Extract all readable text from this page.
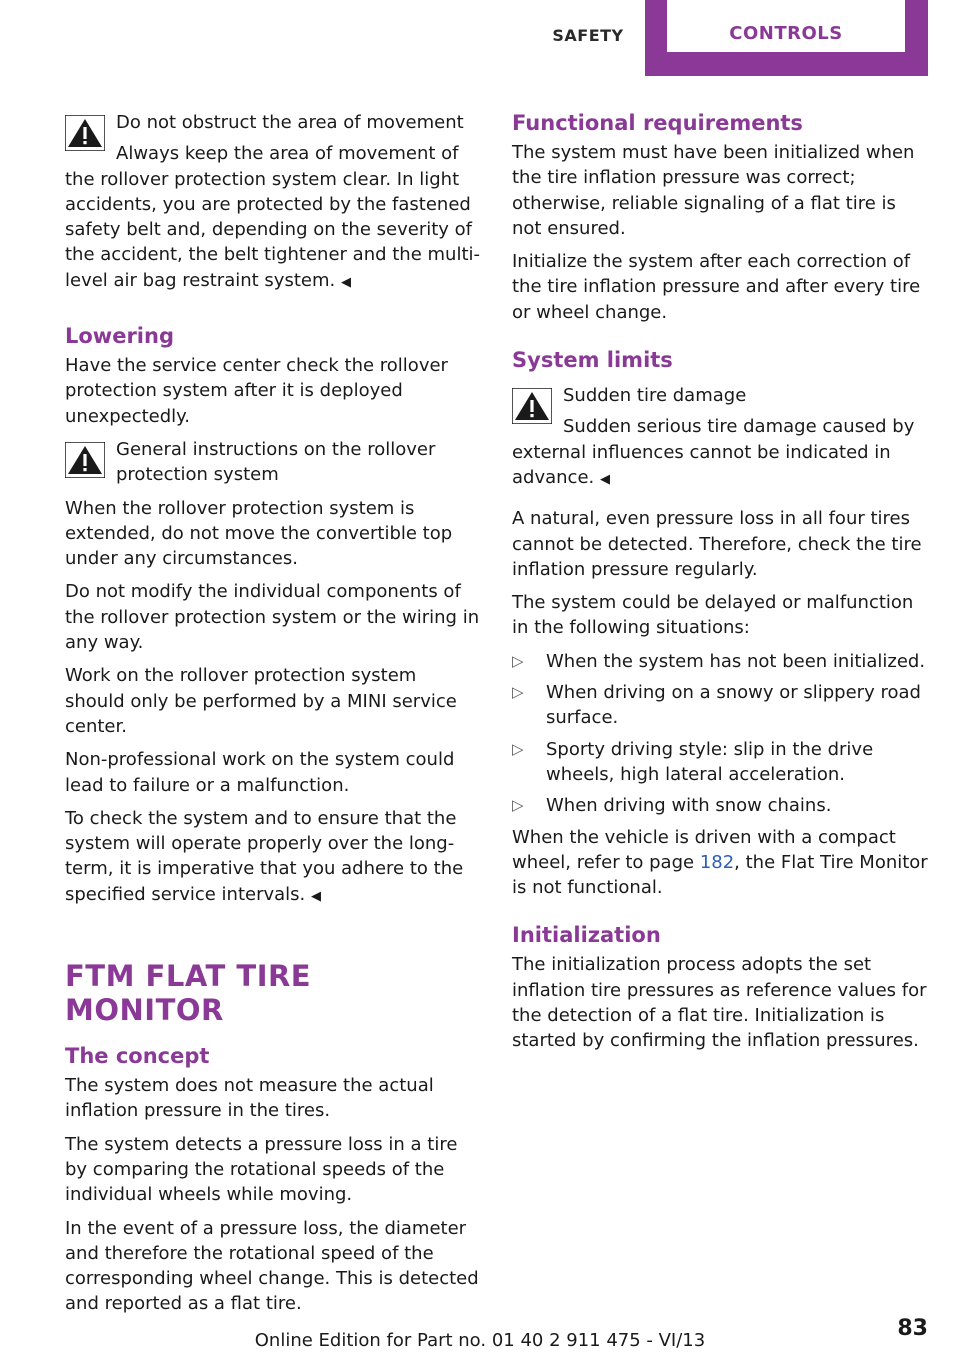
SAFETY	CONTROLS
Do not obstruct the area of movement
Always keep the area of movement of the rollover protection system clear. In light accidents, you are protected by the fastened safety belt and, depending on the severity of the accident, the belt tightener and the multi-level air bag restraint system. ◀
Lowering

Have the service center check the rollover protection system after it is deployed unexpectedly.

General instructions on the rollover protection system

When the rollover protection system is extended, do not move the convertible top under any circumstances.

Do not modify the individual components of the rollover protection system or the wiring in any way.

Work on the rollover protection system should only be performed by a MINI service center.

Non-professional work on the system could lead to failure or a malfunction.

To check the system and to ensure that the system will operate properly over the long-term, it is imperative that you adhere to the specified service intervals. ◀

FTM FLAT TIRE MONITOR
The concept

The system does not measure the actual inflation pressure in the tires.

The system detects a pressure loss in a tire by comparing the rotational speeds of the individual wheels while moving.

In the event of a pressure loss, the diameter and therefore the rotational speed of the corresponding wheel change. This is detected and reported as a flat tire.

Functional requirements

The system must have been initialized when the tire inflation pressure was correct; otherwise, reliable signaling of a flat tire is not ensured.

Initialize the system after each correction of the tire inflation pressure and after every tire or wheel change.

System limits
Sudden tire damage
Sudden serious tire damage caused by external influences cannot be indicated in advance. ◀

A natural, even pressure loss in all four tires cannot be detected. Therefore, check the tire inflation pressure regularly.

The system could be delayed or malfunction in the following situations:

▷ When the system has not been initialized.
▷ When driving on a snowy or slippery road surface.
▷ Sporty driving style: slip in the drive wheels, high lateral acceleration.
▷ When driving with snow chains.

When the vehicle is driven with a compact wheel, refer to page 182, the Flat Tire Monitor is not functional.

Initialization

The initialization process adopts the set inflation tire pressures as reference values for the detection of a flat tire. Initialization is started by confirming the inflation pressures.

Online Edition for Part no. 01 40 2 911 475 - VI/13	83
